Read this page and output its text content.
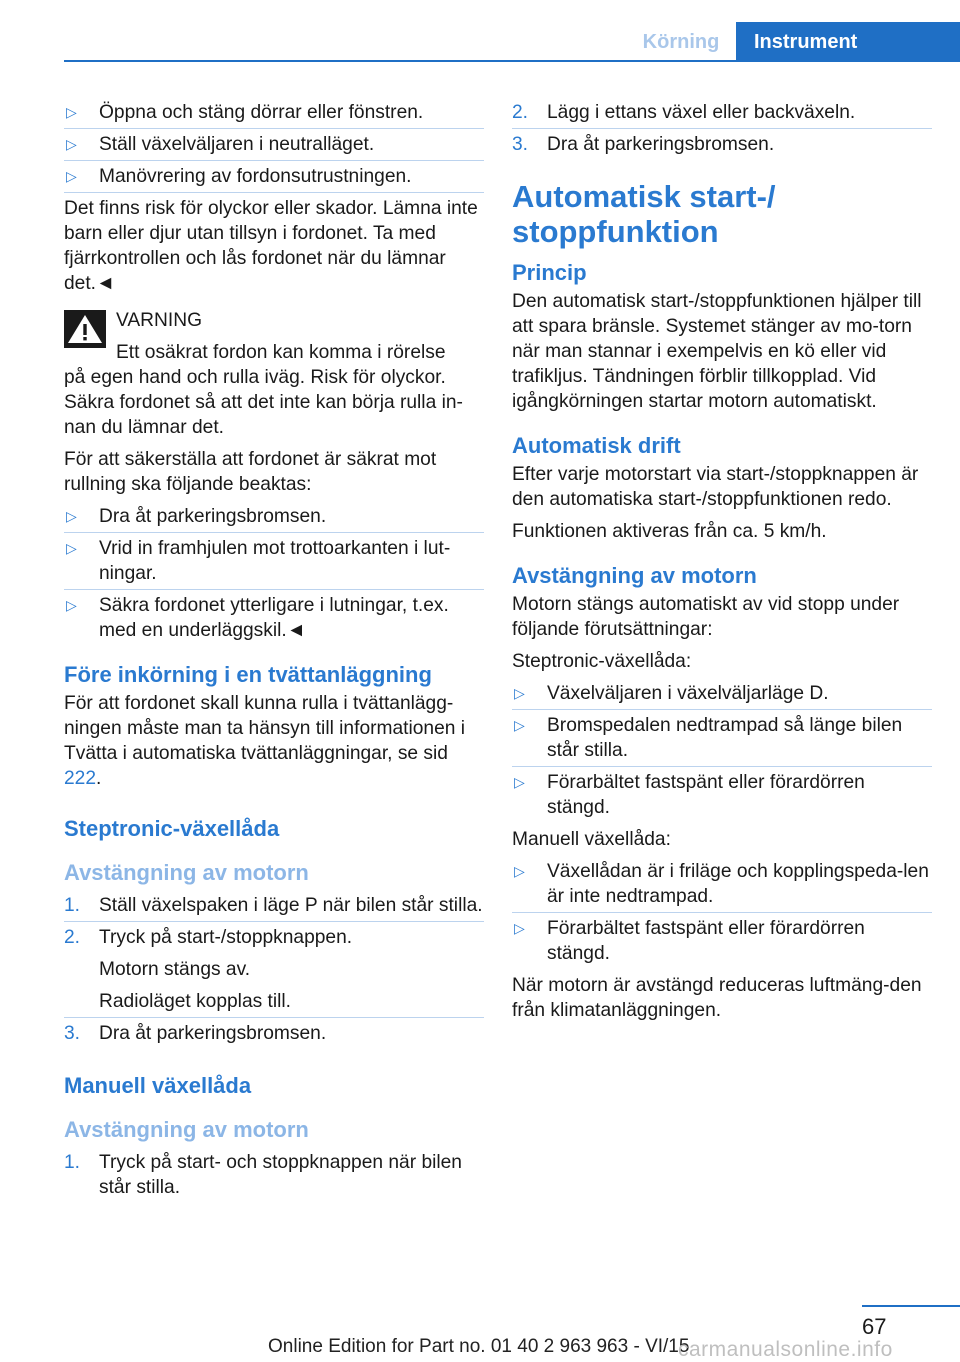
Körning	Instrument
▷ Öppna och stäng dörrar eller fönstren.
▷ Ställ växelväljaren i neutralläget.
▷ Manövrering av fordonsutrustningen.

Det finns risk för olyckor eller skador. Lämna inte barn eller djur utan tillsyn i fordonet. Ta med fjärrkontrollen och lås fordonet när du lämnar det.◄

VARNING
Ett osäkrat fordon kan komma i rörelse

på egen hand och rulla iväg. Risk för olyckor. Säkra fordonet så att det inte kan börja rulla in‐nan du lämnar det.

För att säkerställa att fordonet är säkrat mot rullning ska följande beaktas:

▷ Dra åt parkeringsbromsen.
▷ Vrid in framhjulen mot trottoarkanten i lut‐ningar.
▷ Säkra fordonet ytterligare i lutningar, t.ex. med en underläggskil.◄
Före inkörning i en tvättanläggning

För att fordonet skall kunna rulla i tvättanlägg‐ningen måste man ta hänsyn till informationen i Tvätta i automatiska tvättanläggningar, se sid 222.

Steptronic-växellåda
Avstängning av motorn
1. Ställ växelspaken i läge P när bilen står stilla.
2. Tryck på start-/stoppknappen.
Motorn stängs av.
Radioläget kopplas till.
3. Dra åt parkeringsbromsen.
Manuell växellåda
Avstängning av motorn
1. Tryck på start- och stoppknappen när bilen står stilla.
2. Lägg i ettans växel eller backväxeln.
3. Dra åt parkeringsbromsen.
Automatisk start-/ stoppfunktion
Princip

Den automatisk start-/stoppfunktionen hjälper till att spara bränsle. Systemet stänger av mo‐torn när man stannar i exempelvis en kö eller vid trafikljus. Tändningen förblir tillkopplad. Vid igångkörningen startar motorn automatiskt.

Automatisk drift

Efter varje motorstart via start-/stoppknappen är den automatiska start-/stoppfunktionen redo.

Funktionen aktiveras från ca. 5 km/h.

Avstängning av motorn

Motorn stängs automatiskt av vid stopp under följande förutsättningar:

Steptronic-växellåda:

▷ Växelväljaren i växelväljarläge D.
▷ Bromspedalen nedtrampad så länge bilen står stilla.
▷ Förarbältet fastspänt eller förardörren stängd.

Manuell växellåda:

▷ Växellådan är i friläge och kopplingspeda‐len är inte nedtrampad.
▷ Förarbältet fastspänt eller förardörren stängd.

När motorn är avstängd reduceras luftmäng‐den från klimatanläggningen.

67
Online Edition for Part no. 01 40 2 963 963 - VI/15
carmanualsonline.info
